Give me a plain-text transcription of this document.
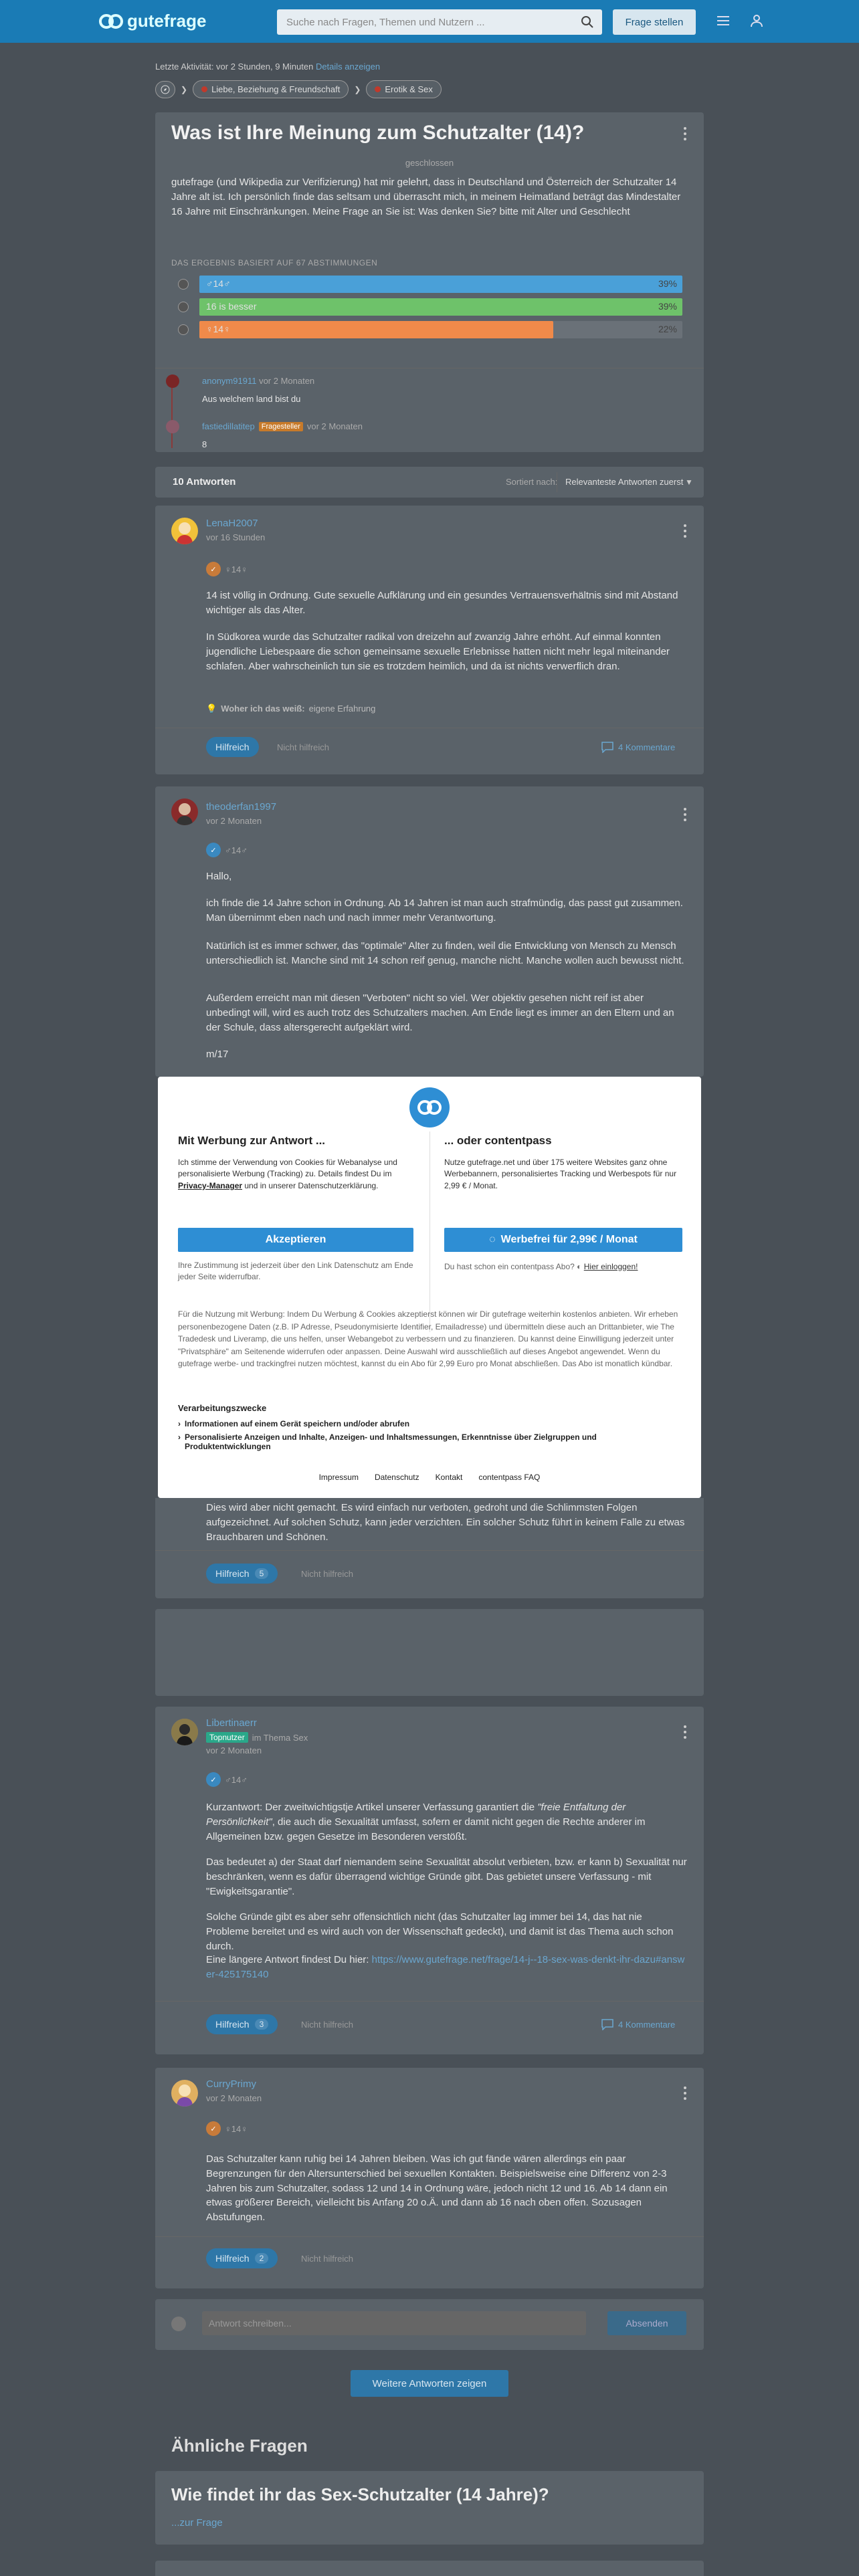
gutefrage	Suche nach Fragen, Themen und Nutzern ...	Frage stellen
Letzte Aktivität: vor 2 Stunden, 9 Minuten Details anzeigen
❯	Liebe, Beziehung & Freundschaft ❯	Erotik & Sex
Was ist Ihre Meinung zum Schutzalter (14)?
geschlossen
gutefrage (und Wikipedia zur Verifizierung) hat mir gelehrt, dass in Deutschland und Österreich der Schutzalter 14 Jahre alt ist. Ich persönlich finde das seltsam und überrascht mich, in meinem Heimatland beträgt das Mindestalter 16 Jahre mit Einschränkungen. Meine Frage an Sie ist: Was denken Sie? bitte mit Alter und Geschlecht
DAS ERGEBNIS BASIERT AUF 67 ABSTIMMUNGEN
♂14♂	39%
16 is besser	39%
♀14♀	22%
anonym91911 vor 2 Monaten
Aus welchem land bist du
fastiedillatitep Fragesteller vor 2 Monaten
8
10 Antworten	Sortiert nach:	▼
Relevanteste Antworten zuerst
LenaH2007
vor 16 Stunden
✓ ♀14♀
14 ist völlig in Ordnung. Gute sexuelle Aufklärung und ein gesundes Vertrauensverhältnis sind mit Abstand wichtiger als das Alter.
In Südkorea wurde das Schutzalter radikal von dreizehn auf zwanzig Jahre erhöht. Auf einmal konnten jugendliche Liebespaare die schon gemeinsame sexuelle Erlebnisse hatten nicht mehr legal miteinander schlafen. Aber wahrscheinlich tun sie es trotzdem heimlich, und da ist nichts verwerflich dran.
💡 Woher ich das weiß: eigene Erfahrung
Hilfreich	Nicht hilfreich	4 Kommentare
theoderfan1997
vor 2 Monaten
✓ ♂14♂
Hallo,
ich finde die 14 Jahre schon in Ordnung. Ab 14 Jahren ist man auch strafmündig, das passt gut zusammen. Man übernimmt eben nach und nach immer mehr Verantwortung.
Natürlich ist es immer schwer, das "optimale" Alter zu finden, weil die Entwicklung von Mensch zu Mensch unterschiedlich ist. Manche sind mit 14 schon reif genug, manche nicht. Manche wollen auch bewusst nicht.
Außerdem erreicht man mit diesen "Verboten" nicht so viel. Wer objektiv gesehen nicht reif ist aber unbedingt will, wird es auch trotz des Schutzalters machen. Am Ende liegt es immer an den Eltern und an der Schule, dass altersgerecht aufgeklärt wird.
m/17
Dies wird aber nicht gemacht. Es wird einfach nur verboten, gedroht und die Schlimmsten Folgen aufgezeichnet. Auf solchen Schutz, kann jeder verzichten. Ein solcher Schutz führt in keinem Falle zu etwas Brauchbaren und Schönen.
Hilfreich	5	Nicht hilfreich
Libertinaerr
Topnutzer im Thema Sex
vor 2 Monaten
✓ ♂14♂
Kurzantwort: Der zweitwichtigstje Artikel unserer Verfassung garantiert die "freie Entfaltung der Persönlichkeit", die auch die Sexualität umfasst, sofern er damit nicht gegen die Rechte anderer im Allgemeinen bzw. gegen Gesetze im Besonderen verstößt.
Das bedeutet a) der Staat darf niemandem seine Sexualität absolut verbieten, bzw. er kann b) Sexualität nur beschränken, wenn es dafür überragend wichtige Gründe gibt. Das gebietet unsere Verfassung - mit "Ewigkeitsgarantie".
Solche Gründe gibt es aber sehr offensichtlich nicht (das Schutzalter lag immer bei 14, das hat nie Probleme bereitet und es wird auch von der Wissenschaft gedeckt), und damit ist das Thema auch schon durch.
Eine längere Antwort findest Du hier: https://www.gutefrage.net/frage/14-j--18-sex-was-denkt-ihr-dazu#answer-425175140
Hilfreich	3	Nicht hilfreich	4 Kommentare
CurryPrimy
vor 2 Monaten
✓ ♀14♀
Das Schutzalter kann ruhig bei 14 Jahren bleiben. Was ich gut fände wären allerdings ein paar Begrenzungen für den Altersunterschied bei sexuellen Kontakten. Beispielsweise eine Differenz von 2-3 Jahren bis zum Schutzalter, sodass 12 und 14 in Ordnung wäre, jedoch nicht 12 und 16. Ab 14 dann ein etwas größerer Bereich, vielleicht bis Anfang 20 o.Ä. und dann ab 16 nach oben offen. Sozusagen Abstufungen.
Hilfreich	2	Nicht hilfreich
Antwort schreiben...	Absenden
Weitere Antworten zeigen
Ähnliche Fragen
Wie findet ihr das Sex-Schutzalter (14 Jahre)?
...zur Frage
Mit Werbung zur Antwort ...

Ich stimme der Verwendung von Cookies für Webanalyse und personalisierte Werbung (Tracking) zu. Details findest Du im Privacy-Manager und in unserer Datenschutzerklärung.

Akzeptieren

Ihre Zustimmung ist jederzeit über den Link Datenschutz am Ende jeder Seite widerrufbar.

... oder contentpass

Nutze gutefrage.net und über 175 weitere Websites ganz ohne Werbebannern, personalisiertes Tracking und Werbespots für nur 2,99 € / Monat.

◌ Werbefrei für 2,99€ / Monat

Du hast schon ein contentpass Abo? ◐ Hier einloggen!

Für die Nutzung mit Werbung: Indem Du Werbung & Cookies akzeptierst können wir Dir gutefrage weiterhin kostenlos anbieten. Wir erheben personenbezogene Daten (z.B. IP Adresse, Pseudonymisierte Identifier, Emailadresse) und übermitteln diese auch an Drittanbieter, wie The Tradedesk und Liveramp, die uns helfen, unser Webangebot zu verbessern und zu finanzieren. Du kannst deine Einwilligung jederzeit unter "Privatsphäre" am Seitenende widerrufen oder anpassen. Deine Auswahl wird ausschließlich auf dieses Angebot angewendet. Wenn du gutefrage werbe- und trackingfrei nutzen möchtest, kannst du ein Abo für 2,99 Euro pro Monat abschließen. Das Abo ist monatlich kündbar.

Verarbeitungszwecke
› Informationen auf einem Gerät speichern und/oder abrufen
› Personalisierte Anzeigen und Inhalte, Anzeigen- und Inhaltsmessungen, Erkenntnisse über Zielgruppen und Produktentwicklungen
Impressum Datenschutz Kontakt contentpass FAQ
